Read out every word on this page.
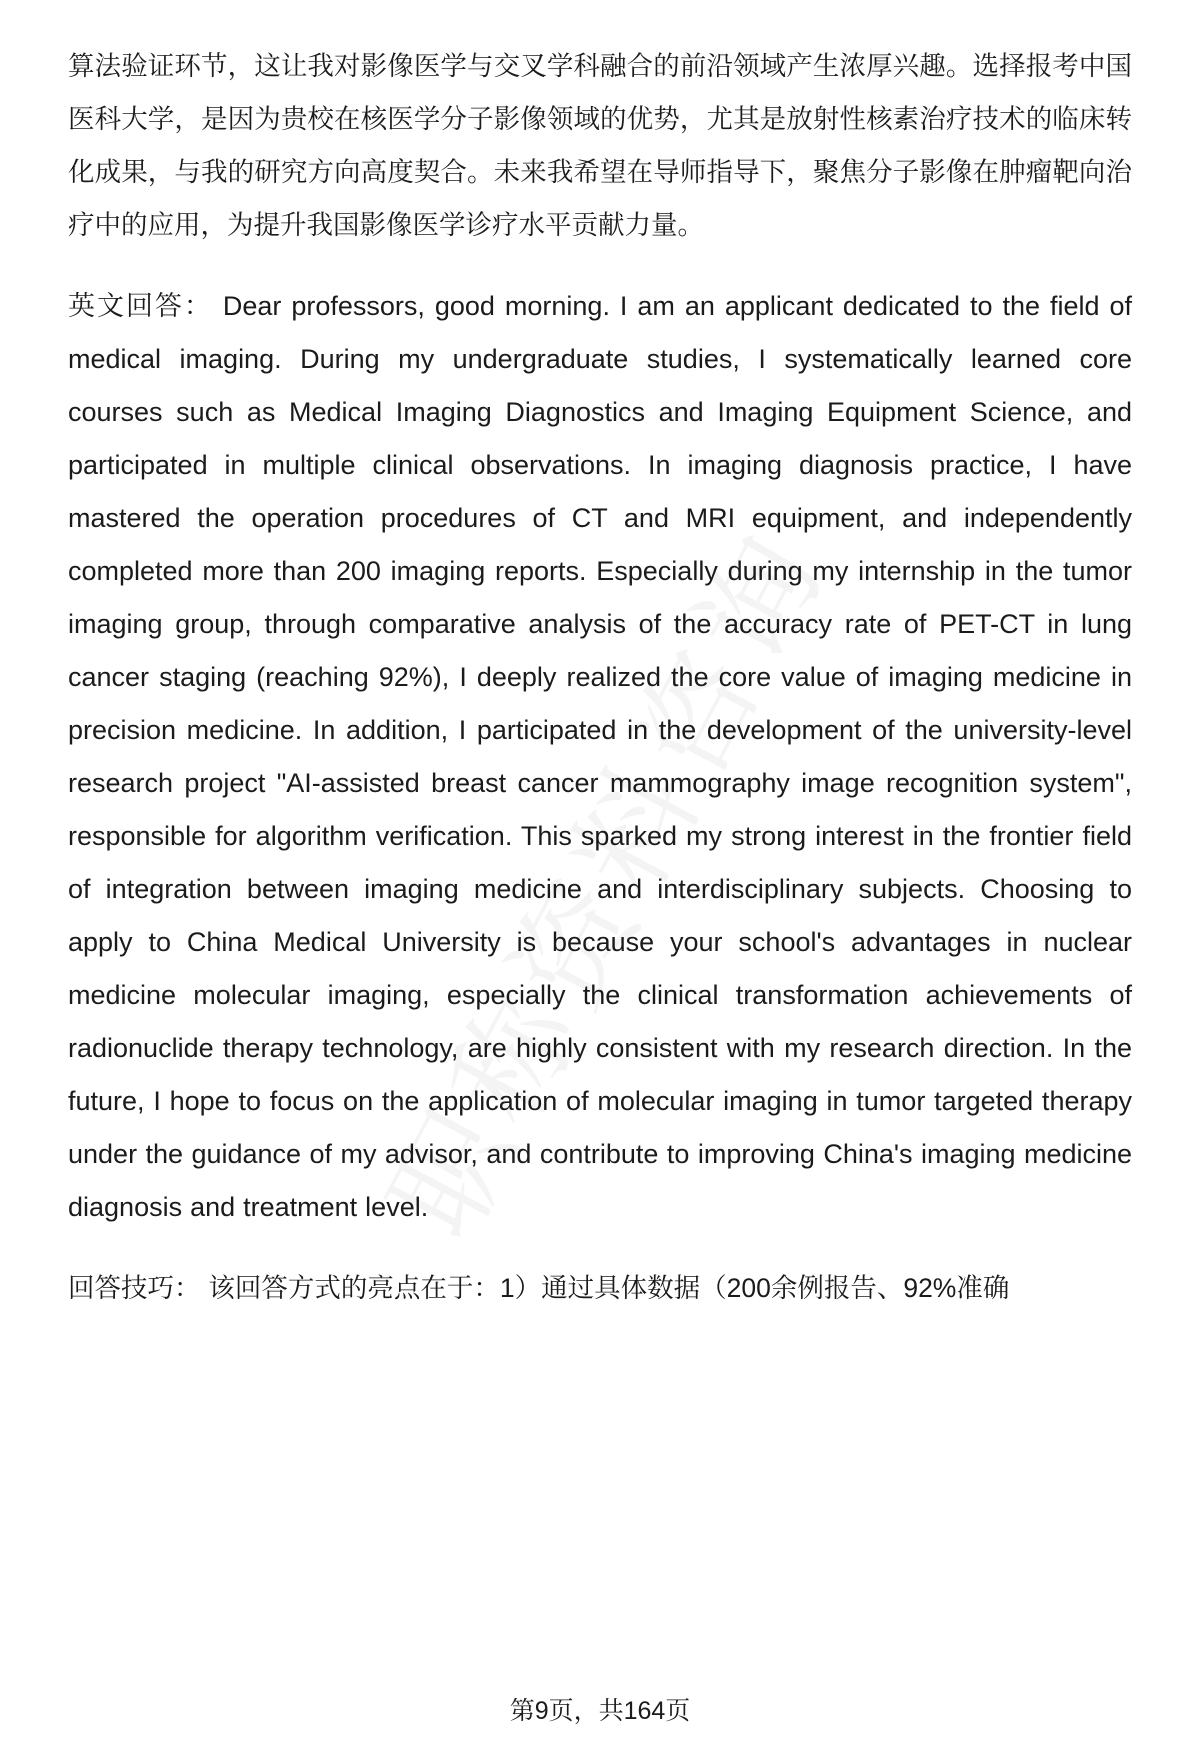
算法验证环节，这让我对影像医学与交叉学科融合的前沿领域产生浓厚兴趣。选择报考中国医科大学，是因为贵校在核医学分子影像领域的优势，尤其是放射性核素治疗技术的临床转化成果，与我的研究方向高度契合。未来我希望在导师指导下，聚焦分子影像在肿瘤靶向治疗中的应用，为提升我国影像医学诊疗水平贡献力量。

英文回答： Dear professors, good morning. I am an applicant dedicated to the field of medical imaging. During my undergraduate studies, I systematically learned core courses such as Medical Imaging Diagnostics and Imaging Equipment Science, and participated in multiple clinical observations. In imaging diagnosis practice, I have mastered the operation procedures of CT and MRI equipment, and independently completed more than 200 imaging reports. Especially during my internship in the tumor imaging group, through comparative analysis of the accuracy rate of PET-CT in lung cancer staging (reaching 92%), I deeply realized the core value of imaging medicine in precision medicine. In addition, I participated in the development of the university-level research project "AI-assisted breast cancer mammography image recognition system", responsible for algorithm verification. This sparked my strong interest in the frontier field of integration between imaging medicine and interdisciplinary subjects. Choosing to apply to China Medical University is because your school's advantages in nuclear medicine molecular imaging, especially the clinical transformation achievements of radionuclide therapy technology, are highly consistent with my research direction. In the future, I hope to focus on the application of molecular imaging in tumor targeted therapy under the guidance of my advisor, and contribute to improving China's imaging medicine diagnosis and treatment level.

回答技巧： 该回答方式的亮点在于：1）通过具体数据（200余例报告、92%准确

第9页，共164页
